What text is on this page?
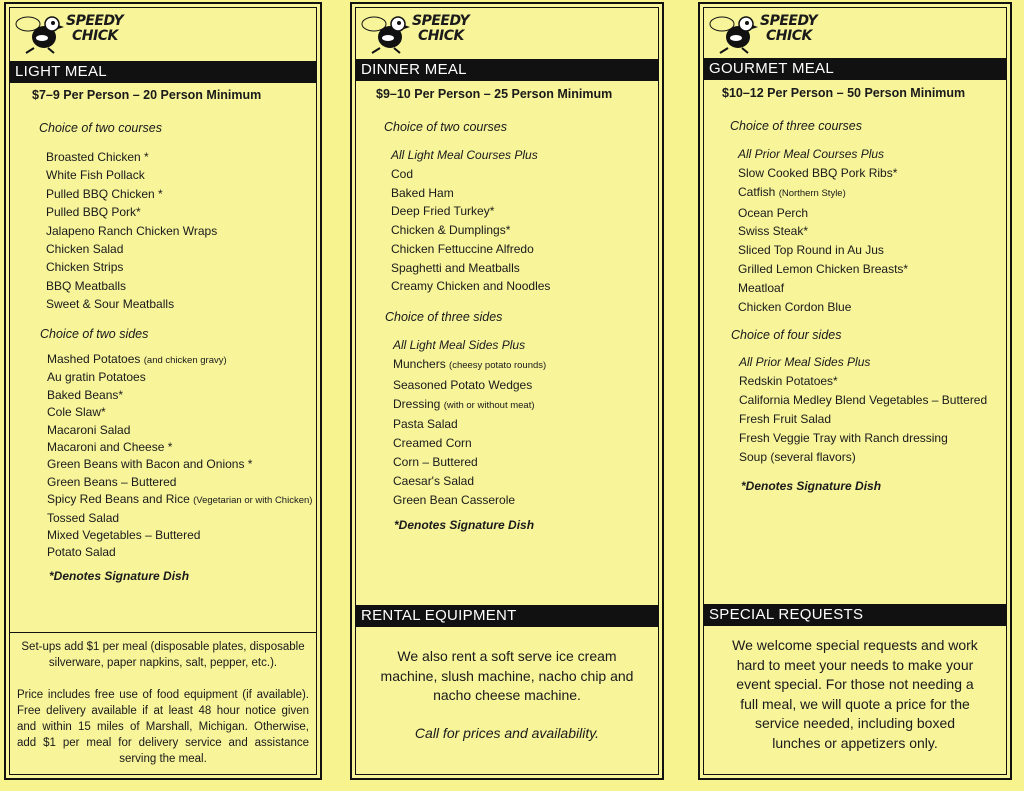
SPEEDY
CHICK
LIGHT MEAL
$7–9 Per Person – 20 Person Minimum
Choice of two courses
Broasted Chicken *
White Fish Pollack
Pulled BBQ Chicken *
Pulled BBQ Pork*
Jalapeno Ranch Chicken Wraps
Chicken Salad
Chicken Strips
BBQ Meatballs
Sweet & Sour Meatballs
Choice of two sides
Mashed Potatoes (and chicken gravy)
Au gratin Potatoes
Baked Beans*
Cole Slaw*
Macaroni Salad
Macaroni and Cheese *
Green Beans with Bacon and Onions *
Green Beans – Buttered
Spicy Red Beans and Rice (Vegetarian or with Chicken)
Tossed Salad
Mixed Vegetables – Buttered
Potato Salad
*Denotes Signature Dish
Set-ups add $1 per meal (disposable plates, disposable silverware, paper napkins, salt, pepper, etc.).
Price includes free use of food equipment (if available). Free delivery available if at least 48 hour notice given and within 15 miles of Marshall, Michigan. Otherwise, add $1 per meal for delivery service and assistance serving the meal.
SPEEDY
CHICK
DINNER MEAL
$9–10 Per Person – 25 Person Minimum
Choice of two courses
All Light Meal Courses Plus
Cod
Baked Ham
Deep Fried Turkey*
Chicken & Dumplings*
Chicken Fettuccine Alfredo
Spaghetti and Meatballs
Creamy Chicken and Noodles
Choice of three sides
All Light Meal Sides Plus
Munchers (cheesy potato rounds)
Seasoned Potato Wedges
Dressing (with or without meat)
Pasta Salad
Creamed Corn
Corn – Buttered
Caesar's Salad
Green Bean Casserole
*Denotes Signature Dish
RENTAL EQUIPMENT
We also rent a soft serve ice cream machine, slush machine, nacho chip and nacho cheese machine.
Call for prices and availability.
SPEEDY
CHICK
GOURMET MEAL
$10–12 Per Person – 50 Person Minimum
Choice of three courses
All Prior Meal Courses Plus
Slow Cooked BBQ Pork Ribs*
Catfish (Northern Style)
Ocean Perch
Swiss Steak*
Sliced Top Round in Au Jus
Grilled Lemon Chicken Breasts*
Meatloaf
Chicken Cordon Blue
Choice of four sides
All Prior Meal Sides Plus
Redskin Potatoes*
California Medley Blend Vegetables – Buttered
Fresh Fruit Salad
Fresh Veggie Tray with Ranch dressing
Soup (several flavors)
*Denotes Signature Dish
SPECIAL REQUESTS
We welcome special requests and work hard to meet your needs to make your event special. For those not needing a full meal, we will quote a price for the service needed, including boxed lunches or appetizers only.
